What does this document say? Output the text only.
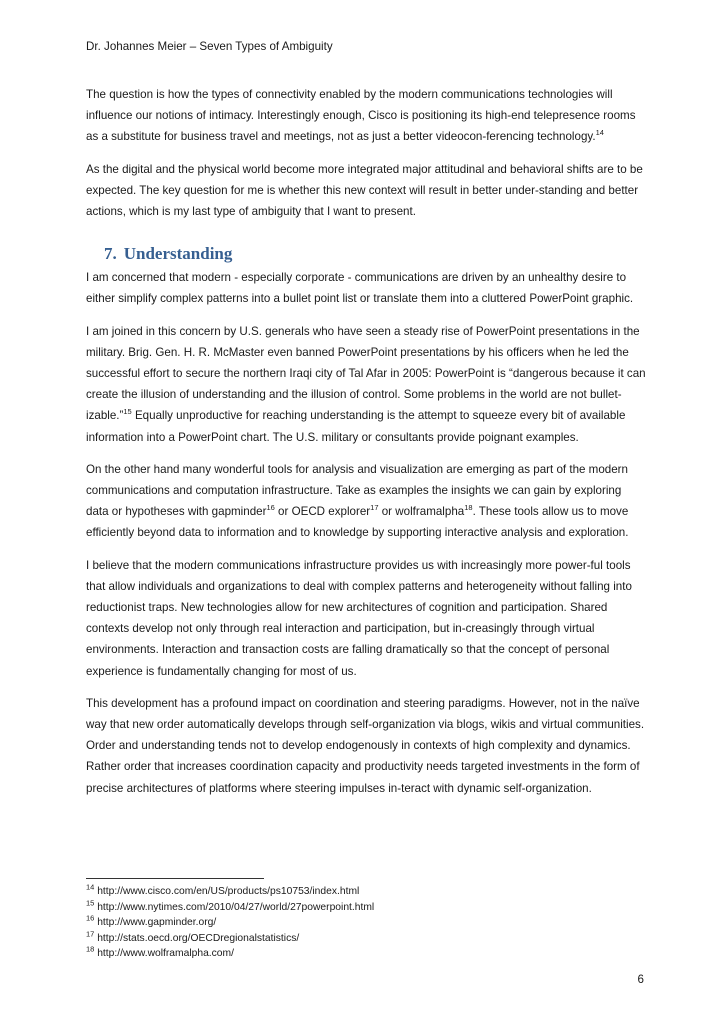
Dr. Johannes Meier – Seven Types of Ambiguity

The question is how the types of connectivity enabled by the modern communications technologies will influence our notions of intimacy. Interestingly enough, Cisco is positioning its high-end telepresence rooms as a substitute for business travel and meetings, not as just a better videocon-ferencing technology.$^{14}$

As the digital and the physical world become more integrated major attitudinal and behavioral shifts are to be expected. The key question for me is whether this new context will result in better under-standing and better actions, which is my last type of ambiguity that I want to present.

7. Understanding

I am concerned that modern - especially corporate - communications are driven by an unhealthy desire to either simplify complex patterns into a bullet point list or translate them into a cluttered PowerPoint graphic.

I am joined in this concern by U.S. generals who have seen a steady rise of PowerPoint presentations in the military. Brig. Gen. H. R. McMaster even banned PowerPoint presentations by his officers when he led the successful effort to secure the northern Iraqi city of Tal Afar in 2005: PowerPoint is “dangerous because it can create the illusion of understanding and the illusion of control. Some problems in the world are not bullet-izable.”$^{15}$ Equally unproductive for reaching understanding is the attempt to squeeze every bit of available information into a PowerPoint chart. The U.S. military or consultants provide poignant examples.

On the other hand many wonderful tools for analysis and visualization are emerging as part of the modern communications and computation infrastructure. Take as examples the insights we can gain by exploring data or hypotheses with gapminder$^{16}$ or OECD explorer$^{17}$ or wolframalpha$^{18}$. These tools allow us to move efficiently beyond data to information and to knowledge by supporting interactive analysis and exploration.

I believe that the modern communications infrastructure provides us with increasingly more power-ful tools that allow individuals and organizations to deal with complex patterns and heterogeneity without falling into reductionist traps. New technologies allow for new architectures of cognition and participation. Shared contexts develop not only through real interaction and participation, but in-creasingly through virtual environments. Interaction and transaction costs are falling dramatically so that the concept of personal experience is fundamentally changing for most of us.

This development has a profound impact on coordination and steering paradigms. However, not in the naïve way that new order automatically develops through self-organization via blogs, wikis and virtual communities. Order and understanding tends not to develop endogenously in contexts of high complexity and dynamics. Rather order that increases coordination capacity and productivity needs targeted investments in the form of precise architectures of platforms where steering impulses in-teract with dynamic self-organization.

$^{14}$ http://www.cisco.com/en/US/products/ps10753/index.html
$^{15}$ http://www.nytimes.com/2010/04/27/world/27powerpoint.html
$^{16}$ http://www.gapminder.org/
$^{17}$ http://stats.oecd.org/OECDregionalstatistics/
$^{18}$ http://www.wolframalpha.com/
6
